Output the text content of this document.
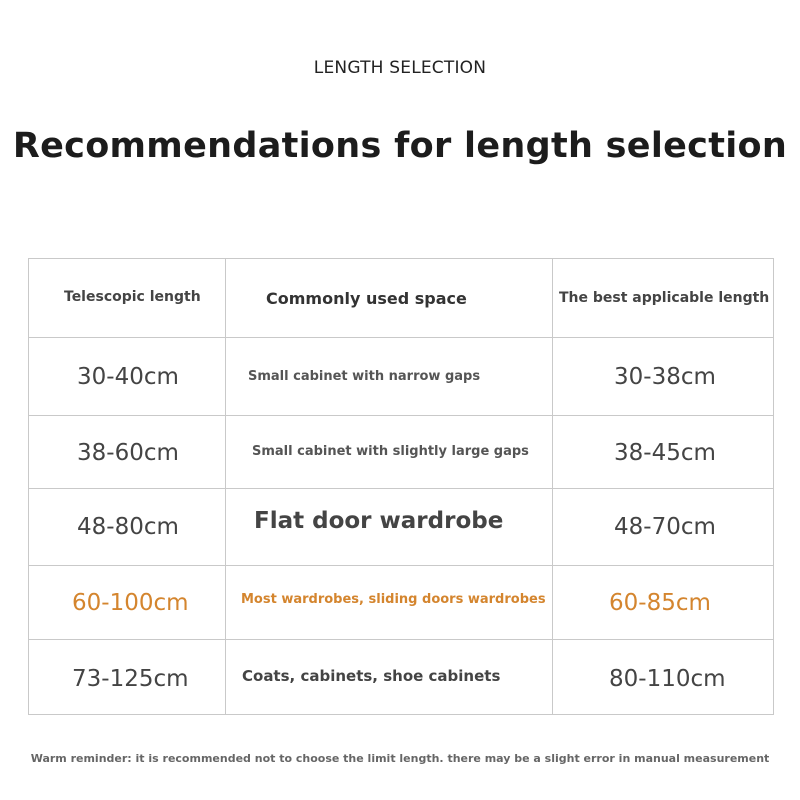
LENGTH SELECTION
Recommendations for length selection
Telescopic length	Commonly used space	The best applicable length
30-40cm	Small cabinet with narrow gaps	30-38cm
38-60cm	Small cabinet with slightly large gaps	38-45cm
48-80cm	Flat door wardrobe	48-70cm
60-100cm	Most wardrobes, sliding doors wardrobes	60-85cm
73-125cm	Coats, cabinets, shoe cabinets	80-110cm
Warm reminder: it is recommended not to choose the limit length. there may be a slight error in manual measurement
